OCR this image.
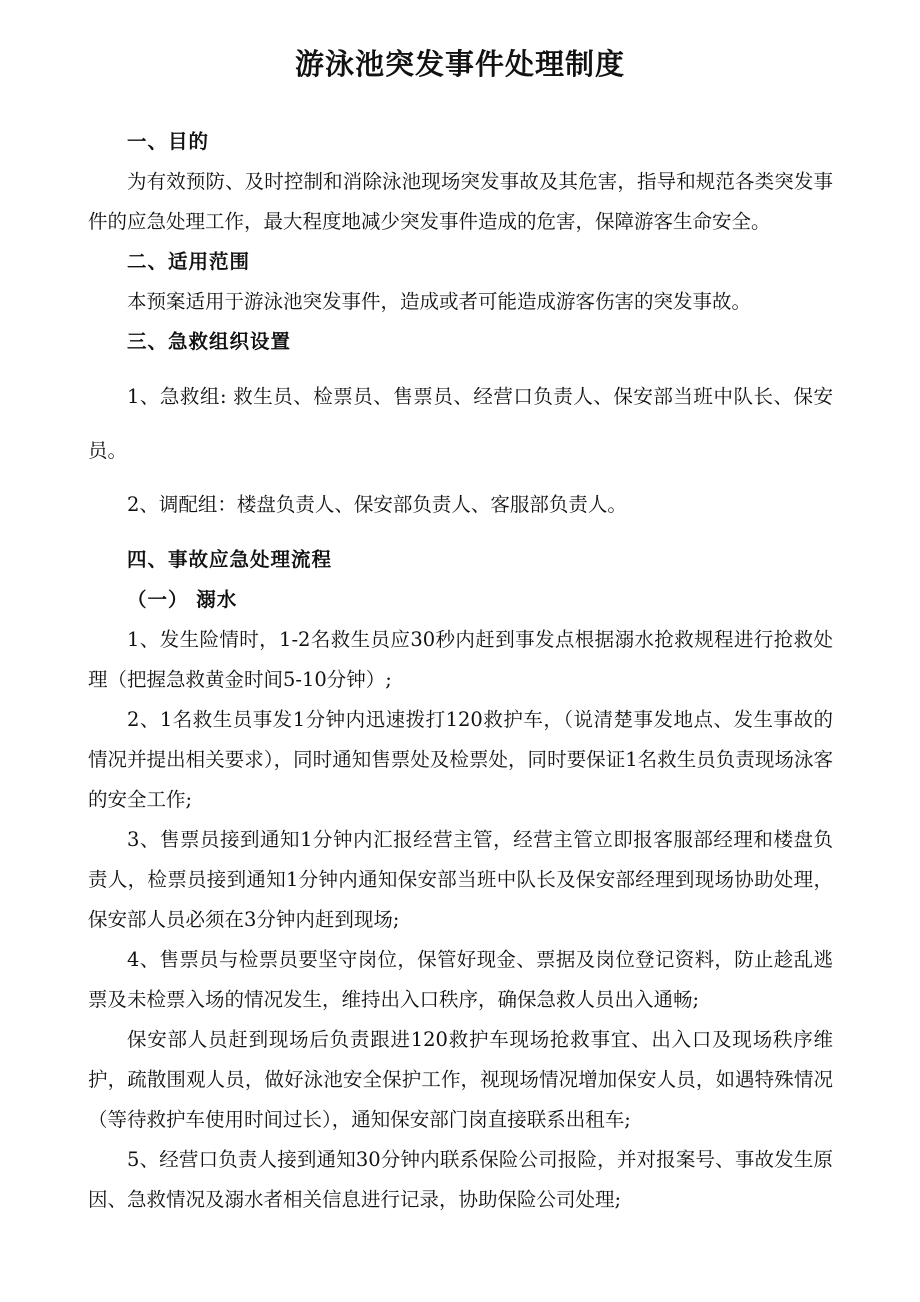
游泳池突发事件处理制度

一、目的

为有效预防、及时控制和消除泳池现场突发事故及其危害，指导和规范各类突发事件的应急处理工作，最大程度地减少突发事件造成的危害，保障游客生命安全。

二、适用范围

本预案适用于游泳池突发事件，造成或者可能造成游客伤害的突发事故。

三、急救组织设置

1、急救组: 救生员、检票员、售票员、经营口负责人、保安部当班中队长、保安员。

2、调配组：楼盘负责人、保安部负责人、客服部负责人。

四、事故应急处理流程

（一） 溺水

1、发生险情时，1-2名救生员应30秒内赶到事发点根据溺水抢救规程进行抢救处理（把握急救黄金时间5-10分钟）;

2、1名救生员事发1分钟内迅速拨打120救护车，（说清楚事发地点、发生事故的情况并提出相关要求），同时通知售票处及检票处，同时要保证1名救生员负责现场泳客的安全工作;

3、售票员接到通知1分钟内汇报经营主管，经营主管立即报客服部经理和楼盘负责人，检票员接到通知1分钟内通知保安部当班中队长及保安部经理到现场协助处理，保安部人员必须在3分钟内赶到现场;

4、售票员与检票员要坚守岗位，保管好现金、票据及岗位登记资料，防止趁乱逃票及未检票入场的情况发生，维持出入口秩序，确保急救人员出入通畅;

保安部人员赶到现场后负责跟进120救护车现场抢救事宜、出入口及现场秩序维护，疏散围观人员，做好泳池安全保护工作，视现场情况增加保安人员，如遇特殊情况（等待救护车使用时间过长），通知保安部门岗直接联系出租车;

5、经营口负责人接到通知30分钟内联系保险公司报险，并对报案号、事故发生原因、急救情况及溺水者相关信息进行记录，协助保险公司处理;
